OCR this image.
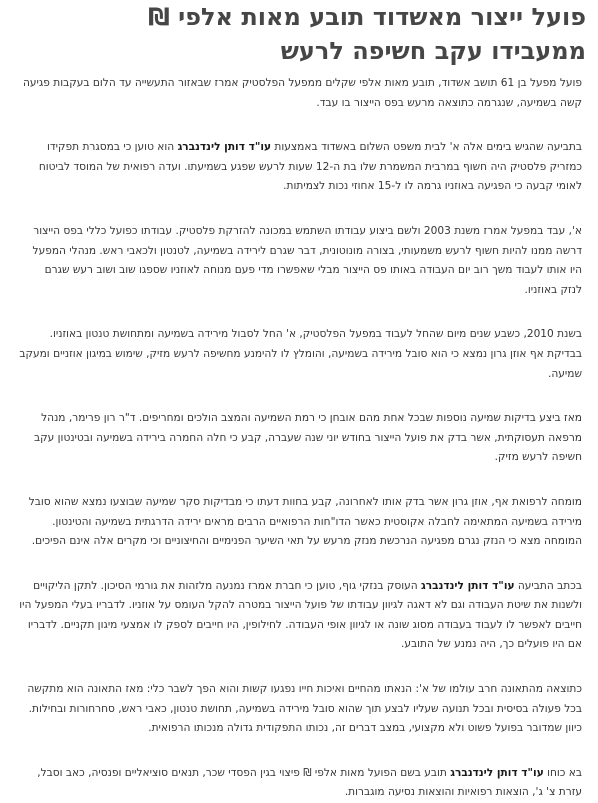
פועל ייצור מאשדוד תובע מאות אלפי ₪
ממעבידו עקב חשיפה לרעש

פועל מפעל בן 61 תושב אשדוד, תובע מאות אלפי שקלים ממפעל הפלסטיק אמרז שבאזור התעשייה עד הלום בעקבות פגיעה
קשה בשמיעה, שנגרמה כתוצאה מרעש בפס הייצור בו עבד.

בתביעה שהגיש בימים אלה א' לבית משפט השלום באשדוד באמצעות עו"ד דותן לינדנברג הוא טוען כי במסגרת תפקידו
כמזריק פלסטיק היה חשוף במרבית המשמרת שלו בת ה-12 שעות לרעש שפגע בשמיעתו. ועדה רפואית של המוסד לביטוח
לאומי קבעה כי הפגיעה באוזניו גרמה לו ל-15 אחוזי נכות לצמיתות.

א', עבד במפעל אמרז משנת 2003 ולשם ביצוע עבודתו השתמש במכונה להזרקת פלסטיק. עבודתו כפועל כללי בפס הייצור
דרשה ממנו להיות חשוף לרעש משמעותי, בצורה מונוטונית, דבר שגרם לירידה בשמיעה, לטנטון ולכאבי ראש. מנהלי המפעל
היו אותו לעבוד משך רוב יום העבודה באותו פס הייצור מבלי שאפשרו מדי פעם מנוחה לאוזניו שספגו שוב ושוב רעש שגרם
לנזק באוזניו.

בשנת 2010, כשבע שנים מיום שהחל לעבוד במפעל הפלסטיק, א' החל לסבול מירידה בשמיעה ומתחושת טנטון באוזניו.
בבדיקת אף אוזן גרון נמצא כי הוא סובל מירידה בשמיעה, והומלץ לו להימנע מחשיפה לרעש מזיק, שימוש במיגון אוזניים ומעקב
שמיעה.

מאז ביצע בדיקות שמיעה נוספות שבכל אחת מהם אובחן כי רמת השמיעה והמצב הולכים ומחריפים. ד"ר רון פרימר, מנהל
מרפאה תעסוקתית, אשר בדק את פועל הייצור בחודש יוני שנה שעברה, קבע כי חלה החמרה בירידה בשמיעה ובטינטון עקב
חשיפה לרעש מזיק.

מומחה לרפואת אף, אוזן גרון אשר בדק אותו לאחרונה, קבע בחוות דעתו כי מבדיקות סקר שמיעה שבוצעו נמצא שהוא סובל
מירידה בשמיעה המתאימה לחבלה אקוסטית כאשר הדו"חות הרפואיים הרבים מראים ירידה הדרגתית בשמיעה והטינטון.
המומחה מצא כי הנזק נגרם מפגיעה הנרכשת מנזק מרעש על תאי השיער הפנימיים והחיצוניים וכי מקרים אלה אינם הפיכים.

בכתב התביעה עו"ד דותן לינדנברג העוסק בנזקי גוף, טוען כי חברת אמרז נמנעה מלזהות את גורמי הסיכון. לתקן הליקויים
ולשנות את שיטת העבודה וגם לא דאגה לגיוון עבודתו של פועל הייצור במטרה להקל העומס על אוזניו. לדבריו בעלי המפעל היו
חייבים לאפשר לו לעבוד בעבודה מסוג שונה או לגיוון אופי העבודה. לחילופין, היו חייבים לספק לו אמצעי מיגון תקניים. לדבריו
אם היו פועלים כך, היה נמנע של התובע.

כתוצאה מהתאונה חרב עולמו של א': הנאתו מהחיים ואיכות חייו נפגעו קשות והוא הפך לשבר כלי: מאז התאונה הוא מתקשה
בכל פעולה בסיסית ובכל תנועה שעליו לבצע תוך שהוא סובל מירידה בשמיעה, תחושת טנטון, כאבי ראש, סחרחורות ובחילות.
כיוון שמדובר בפועל פשוט ולא מקצועי, במצב דברים זה, נכותו התפקודית גדולה מנכותו הרפואית.

בא כוחו עו"ד דותן לינדנברג תובע בשם הפועל מאות אלפי ₪ פיצוי בגין הפסדי שכר, תנאים סוציאליים ופנסיה, כאב וסבל,
עזרת צ' ג', הוצאות רפואיות והוצאות נסיעה מוגברות.
